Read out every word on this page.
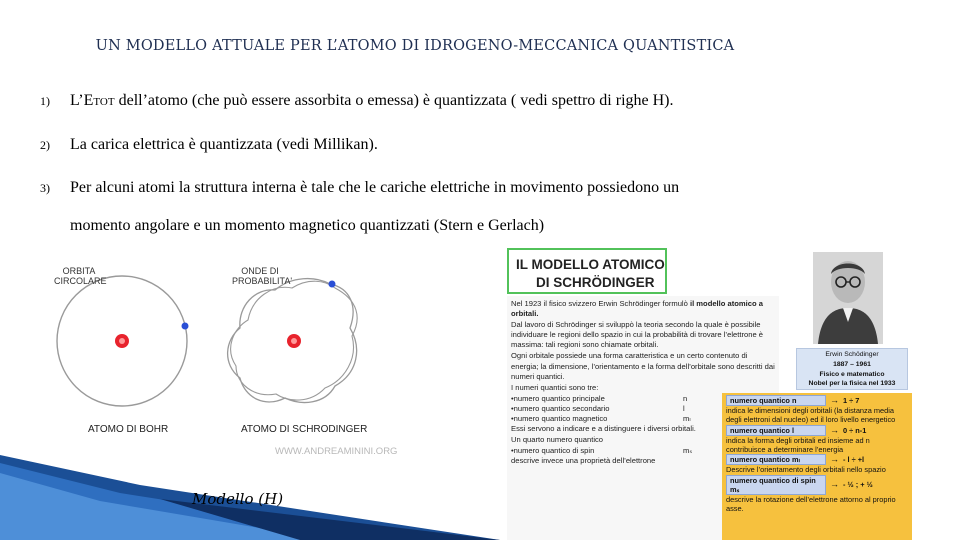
UN MODELLO ATTUALE PER L’ATOMO DI IDROGENO-MECCANICA QUANTISTICA
1) L’ETOT dell’atomo (che può essere assorbita o emessa) è quantizzata ( vedi spettro di righe H).
2) La carica elettrica è quantizzata (vedi Millikan).
3) Per alcuni atomi la struttura interna è tale che le cariche elettriche in movimento possiedono un
momento angolare e un momento magnetico quantizzati (Stern e Gerlach)
ORBITA CIRCOLARE
ONDE DI PROBABILITA'
ATOMO DI BOHR	ATOMO DI SCHRODINGER
WWW.ANDREAMININI.ORG
Modello (H)
IL MODELLO ATOMICO
DI SCHRÖDINGER

Nel 1923 il fisico svizzero Erwin Schrödinger formulò il modello atomico a orbitali.

Dal lavoro di Schrödinger si sviluppò la teoria secondo la quale è possibile individuare le regioni dello spazio in cui la probabilità di trovare l’elettrone è massima: tali regioni sono chiamate orbitali.

Ogni orbitale possiede una forma caratteristica e un certo contenuto di energia; la dimensione, l’orientamento e la forma dell’orbitale sono descritti dai numeri quantici.

I numeri quantici sono tre:

•numero quantico principale	n
•numero quantico secondario	l
•numero quantico magnetico	mₗ

Essi servono a indicare e a distinguere i diversi orbitali.

Un quarto numero quantico

•numero quantico di spin	mₛ

descrive invece una proprietà dell’elettrone

Erwin Schödinger
1887 – 1961
Fisico e matematico
Nobel per la fisica nel 1933
numero quantico n	→ 1 ÷ 7
indica le dimensioni degli orbitali (la distanza media degli elettroni dal nucleo) ed il loro livello energetico
numero quantico l	→ 0 ÷ n-1
indica la forma degli orbitali ed insieme ad n contribuisce a determinare l’energia
numero quantico mₗ	→ - l ÷ +l
Descrive l’orientamento degli orbitali nello spazio
numero quantico di spin mₛ
→ - ½ ; + ½
descrive la rotazione dell’elettrone attorno al proprio asse.
